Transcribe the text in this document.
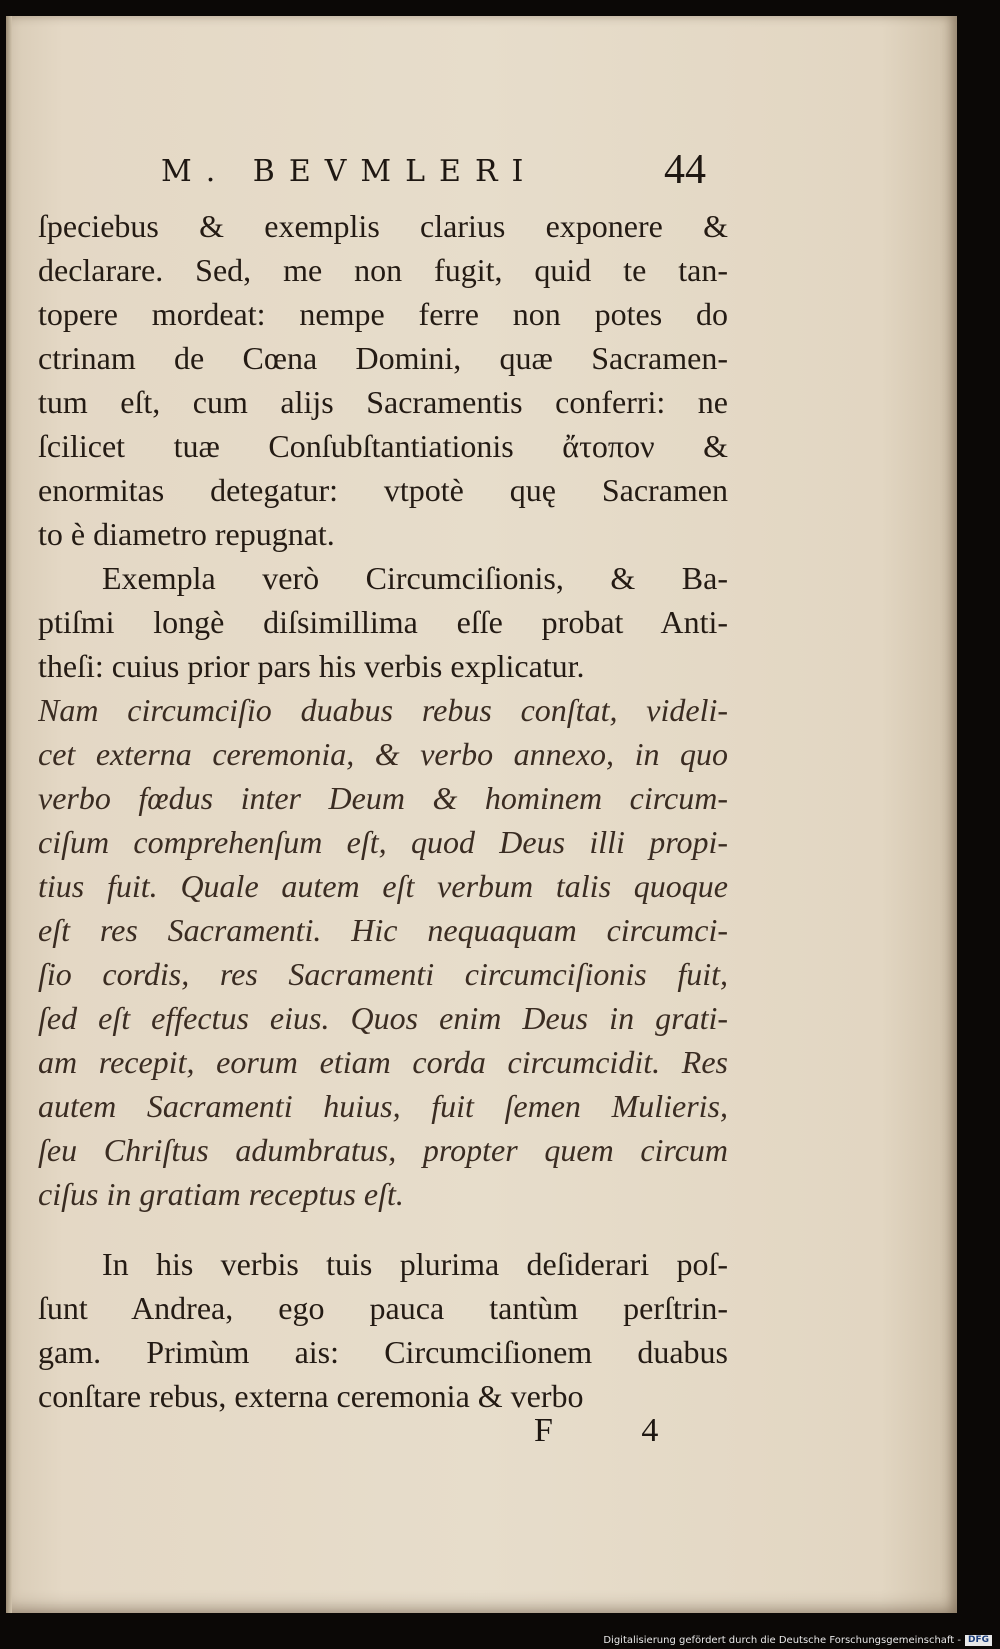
M. BEVMLERI	44
ſpeciebus & exemplis clarius exponere &
declarare. Sed, me non fugit, quid te tan-
topere mordeat: nempe ferre non potes do
ctrinam de Cœna Domini, quæ Sacramen-
tum eſt, cum alijs Sacramentis conferri: ne
ſcilicet tuæ Conſubſtantiationis ἄτοπον &
enormitas detegatur: vtpotè quę Sacramen
to è diametro repugnat.
Exempla verò Circumciſionis, & Ba-
ptiſmi longè diſsimillima eſſe probat Anti-
theſi: cuius prior pars his verbis explicatur.
Nam circumciſio duabus rebus conſtat, videli-
cet externa ceremonia, & verbo annexo, in quo
verbo fœdus inter Deum & hominem circum-
ciſum comprehenſum eſt, quod Deus illi propi-
tius fuit. Quale autem eſt verbum talis quoque
eſt res Sacramenti. Hic nequaquam circumci-
ſio cordis, res Sacramenti circumciſionis fuit,
ſed eſt effectus eius. Quos enim Deus in grati-
am recepit, eorum etiam corda circumcidit. Res
autem Sacramenti huius, fuit ſemen Mulieris,
ſeu Chriſtus adumbratus, propter quem circum
ciſus in gratiam receptus eſt.
In his verbis tuis plurima deſiderari poſ-
ſunt Andrea, ego pauca tantùm perſtrin-
gam. Primùm ais: Circumciſionem duabus
conſtare rebus, externa ceremonia & verbo
F 4
Digitalisierung gefördert durch die Deutsche Forschungsgemeinschaft - DFG
